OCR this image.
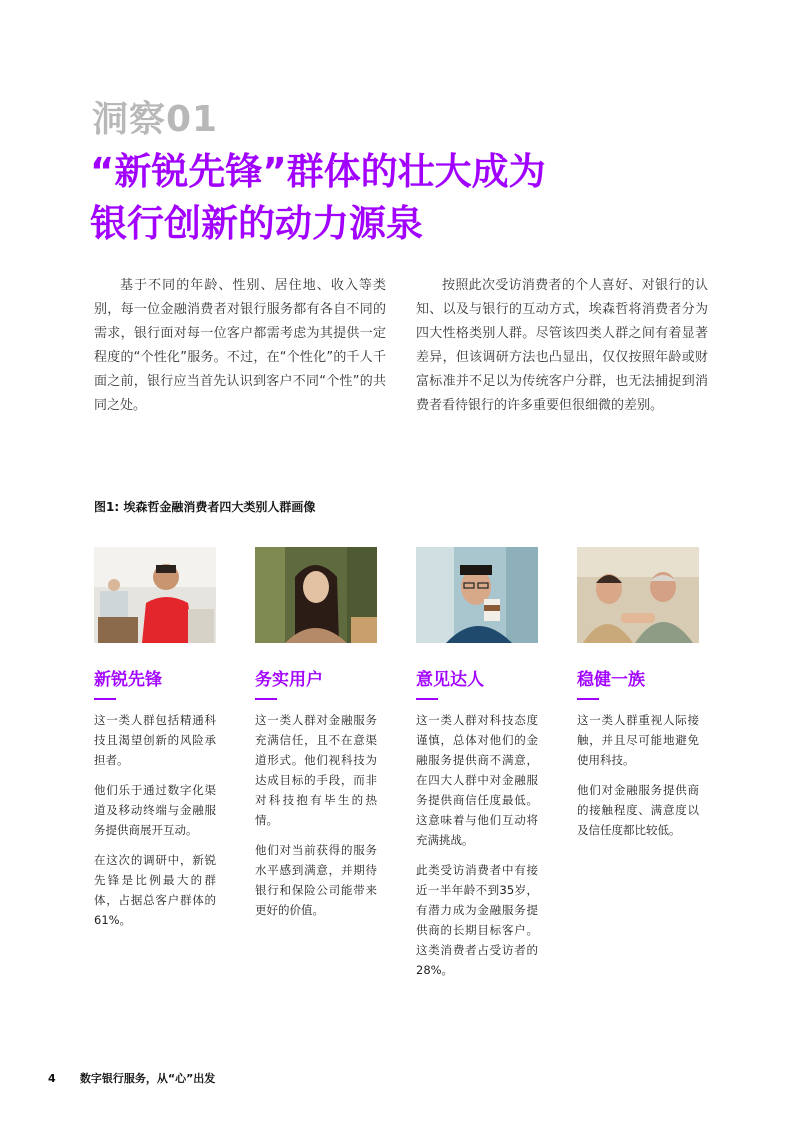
洞察01
“新锐先锋”群体的壮大成为
银行创新的动力源泉

基于不同的年龄、性别、居住地、收入等类别，每一位金融消费者对银行服务都有各自不同的需求，银行面对每一位客户都需考虑为其提供一定程度的“个性化”服务。不过，在“个性化”的千人千面之前，银行应当首先认识到客户不同“个性”的共同之处。

按照此次受访消费者的个人喜好、对银行的认知、以及与银行的互动方式，埃森哲将消费者分为四大性格类别人群。尽管该四类人群之间有着显著差异，但该调研方法也凸显出，仅仅按照年龄或财富标准并不足以为传统客户分群，也无法捕捉到消费者看待银行的许多重要但很细微的差别。

图1: 埃森哲金融消费者四大类别人群画像
新锐先锋

这一类人群包括精通科技且渴望创新的风险承担者。

他们乐于通过数字化渠道及移动终端与金融服务提供商展开互动。

在这次的调研中，新锐先锋是比例最大的群体，占据总客户群体的61%。

务实用户

这一类人群对金融服务充满信任，且不在意渠道形式。他们视科技为达成目标的手段，而非对科技抱有毕生的热情。

他们对当前获得的服务水平感到满意，并期待银行和保险公司能带来更好的价值。

意见达人

这一类人群对科技态度谨慎，总体对他们的金融服务提供商不满意，在四大人群中对金融服务提供商信任度最低。这意味着与他们互动将充满挑战。

此类受访消费者中有接近一半年龄不到35岁，有潜力成为金融服务提供商的长期目标客户。这类消费者占受访者的28%。

稳健一族

这一类人群重视人际接触，并且尽可能地避免使用科技。

他们对金融服务提供商的接触程度、满意度以及信任度都比较低。

4 数字银行服务，从“心”出发
